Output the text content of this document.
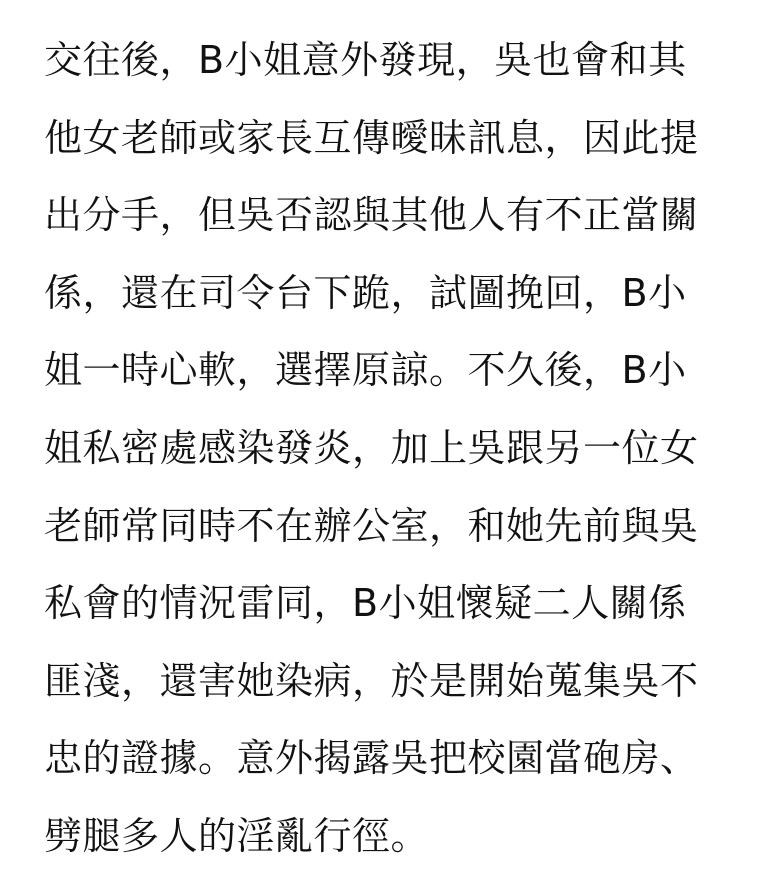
交往後，B小姐意外發現，吳也會和其
他女老師或家長互傳曖昧訊息，因此提
出分手，但吳否認與其他人有不正當關
係，還在司令台下跪，試圖挽回，B小
姐一時心軟，選擇原諒。不久後，B小
姐私密處感染發炎，加上吳跟另一位女
老師常同時不在辦公室，和她先前與吳
私會的情況雷同，B小姐懷疑二人關係
匪淺，還害她染病，於是開始蒐集吳不
忠的證據。意外揭露吳把校園當砲房、
劈腿多人的淫亂行徑。
